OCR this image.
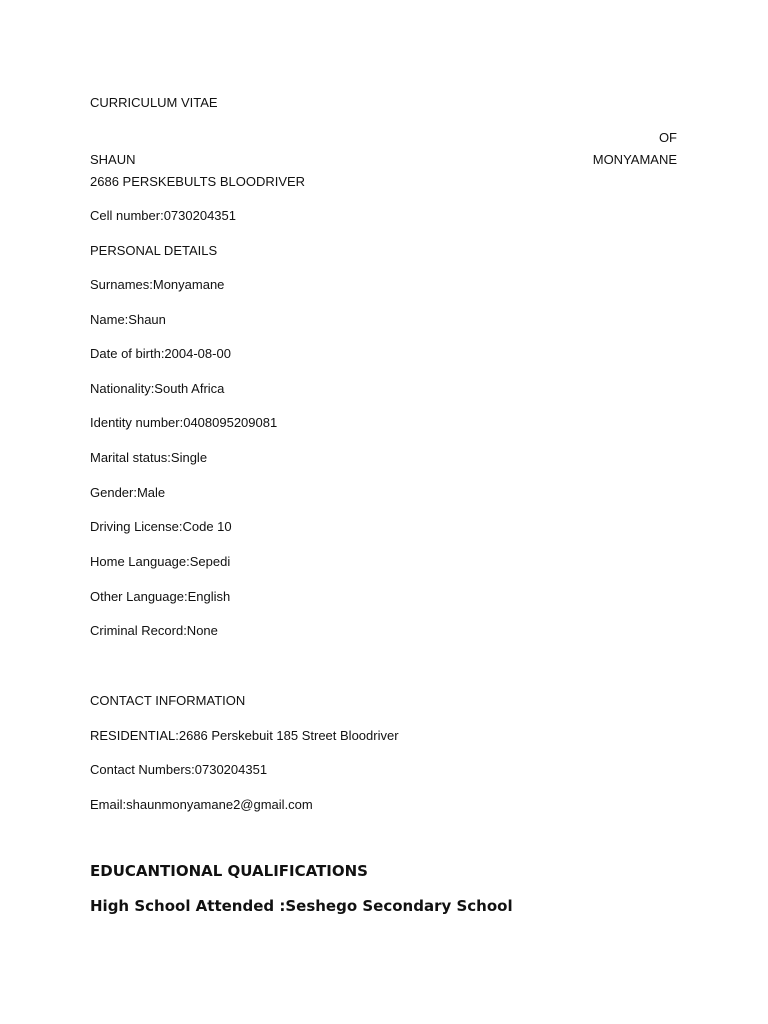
CURRICULUM VITAE
OF
SHAUN	MONYAMANE
2686 PERSKEBULTS BLOODRIVER
Cell number:0730204351
PERSONAL DETAILS
Surnames:Monyamane
Name:Shaun
Date of birth:2004-08-00
Nationality:South Africa
Identity number:0408095209081
Marital status:Single
Gender:Male
Driving License:Code 10
Home Language:Sepedi
Other Language:English
Criminal Record:None
CONTACT INFORMATION
RESIDENTIAL:2686 Perskebuit 185 Street Bloodriver
Contact Numbers:0730204351
Email:shaunmonyamane2@gmail.com
EDUCANTIONAL QUALIFICATIONS
High School Attended :Seshego Secondary School
